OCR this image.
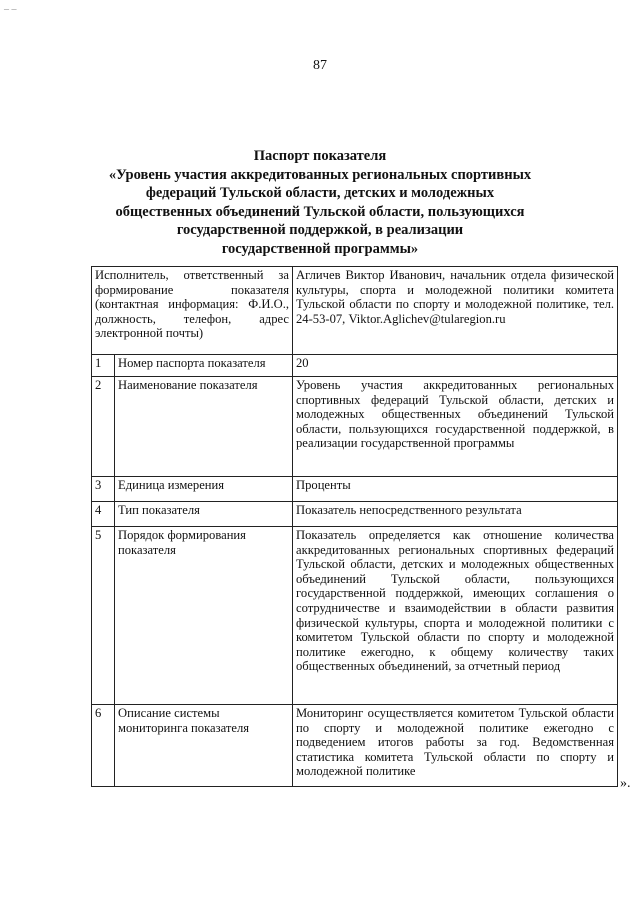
– –
87
Паспорт показателя
«Уровень участия аккредитованных региональных спортивных
федераций Тульской области, детских и молодежных
общественных объединений Тульской области, пользующихся
государственной поддержкой, в реализации
государственной программы»
Исполнитель, ответственный за формирование показателя (контактная информация: Ф.И.О., должность, телефон, адрес электронной почты)		Агличев Виктор Иванович, начальник отдела физической культуры, спорта и молодежной политики комитета Тульской области по спорту и молодежной политике, тел. 24-53-07, Viktor.Aglichev@tularegion.ru
1	Номер паспорта показателя	20
2	Наименование показателя	Уровень участия аккредитованных региональных спортивных федераций Тульской области, детских и молодежных общественных объединений Тульской области, пользующихся государственной поддержкой, в реализации государственной программы
3	Единица измерения	Проценты
4	Тип показателя	Показатель непосредственного результата
5	Порядок формирования показателя	Показатель определяется как отношение количества аккредитованных региональных спортивных федераций Тульской области, детских и молодежных общественных объединений Тульской области, пользующихся государственной поддержкой, имеющих соглашения о сотрудничестве и взаимодействии в области развития физической культуры, спорта и молодежной политики с комитетом Тульской области по спорту и молодежной политике ежегодно, к общему количеству таких общественных объединений, за отчетный период
6	Описание системы мониторинга показателя	Мониторинг осуществляется комитетом Тульской области по спорту и молодежной политике ежегодно с подведением итогов работы за год. Ведомственная статистика комитета Тульской области по спорту и молодежной политике
».
